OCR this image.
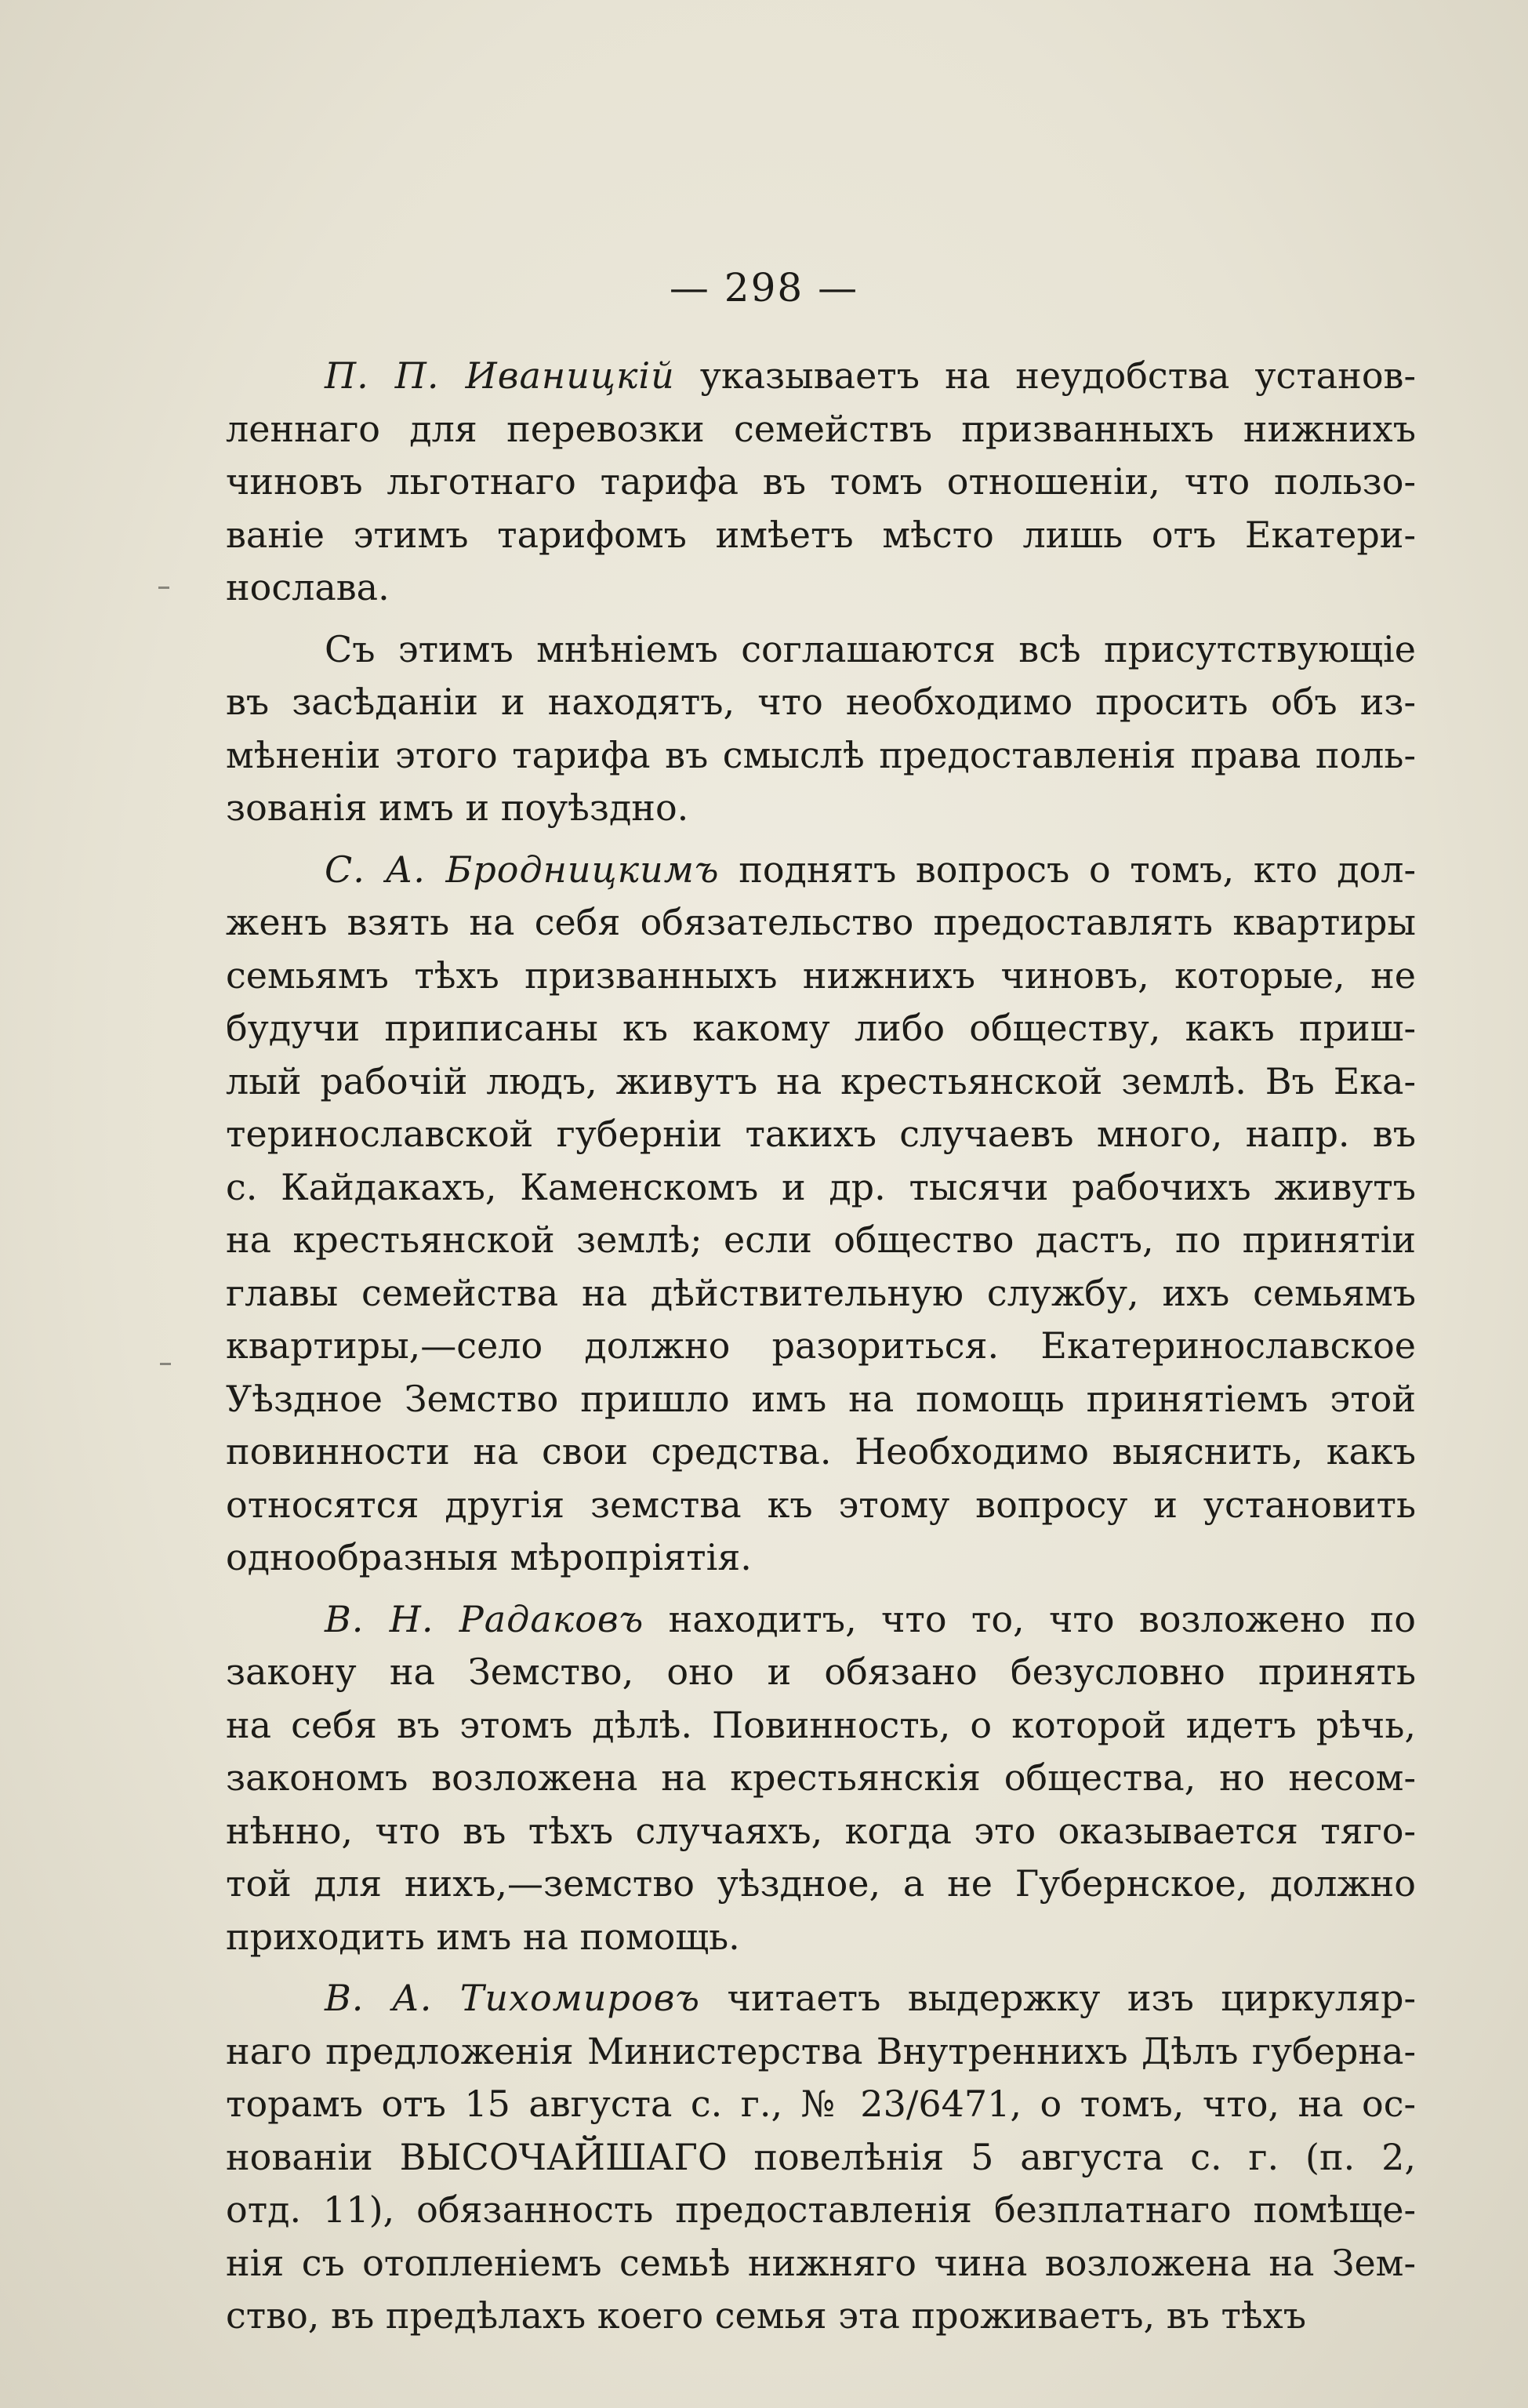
— 298 —
П. П. Иваницкій указываетъ на неудобства установ-
леннаго для перевозки семействъ призванныхъ нижнихъ
чиновъ льготнаго тарифа въ томъ отношеніи, что пользо-
ваніе этимъ тарифомъ имѣетъ мѣсто лишь отъ Екатери-
нослава.
Съ этимъ мнѣніемъ соглашаются всѣ присутствующіе
въ засѣданіи и находятъ, что необходимо просить объ из-
мѣненіи этого тарифа въ смыслѣ предоставленія права поль-
зованія имъ и поуѣздно.
С. А. Бродницкимъ поднятъ вопросъ о томъ, кто дол-
женъ взять на себя обязательство предоставлять квартиры
семьямъ тѣхъ призванныхъ нижнихъ чиновъ, которые, не
будучи приписаны къ какому либо обществу, какъ приш-
лый рабочій людъ, живутъ на крестьянской землѣ. Въ Ека-
теринославской губерніи такихъ случаевъ много, напр. въ
с. Кайдакахъ, Каменскомъ и др. тысячи рабочихъ живутъ
на крестьянской землѣ; если общество дастъ, по принятіи
главы семейства на дѣйствительную службу, ихъ семьямъ
квартиры,—село должно разориться. Екатеринославское
Уѣздное Земство пришло имъ на помощь принятіемъ этой
повинности на свои средства. Необходимо выяснить, какъ
относятся другія земства къ этому вопросу и установить
однообразныя мѣропріятія.
В. Н. Радаковъ находитъ, что то, что возложено по
закону на Земство, оно и обязано безусловно принять
на себя въ этомъ дѣлѣ. Повинность, о которой идетъ рѣчь,
закономъ возложена на крестьянскія общества, но несом-
нѣнно, что въ тѣхъ случаяхъ, когда это оказывается тяго-
той для нихъ,—земство уѣздное, а не Губернское, должно
приходить имъ на помощь.
В. А. Тихомировъ читаетъ выдержку изъ циркуляр-
наго предложенія Министерства Внутреннихъ Дѣлъ губерна-
торамъ отъ 15 августа с. г., № 23/6471, о томъ, что, на ос-
нованіи ВЫСОЧАЙШАГО повелѣнія 5 августа с. г. (п. 2,
отд. 11), обязанность предоставленія безплатнаго помѣще-
нія съ отопленіемъ семьѣ нижняго чина возложена на Зем-
ство, въ предѣлахъ коего семья эта проживаетъ, въ тѣхъ
